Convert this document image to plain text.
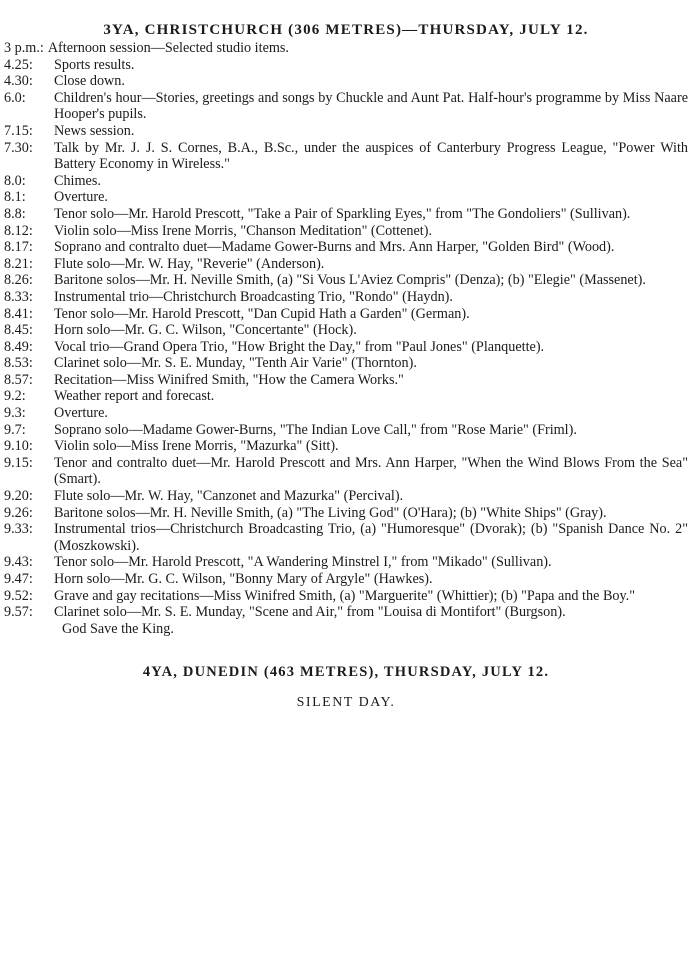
3YA, CHRISTCHURCH (306 METRES)—THURSDAY, JULY 12.
3 p.m.: Afternoon session—Selected studio items.
4.25:	Sports results.
4.30:	Close down.
6.0:	Children's hour—Stories, greetings and songs by Chuckle and Aunt Pat. Half-hour's programme by Miss Naare Hooper's pupils.
7.15:	News session.
7.30:	Talk by Mr. J. J. S. Cornes, B.A., B.Sc., under the auspices of Canterbury Progress League, "Power With Battery Economy in Wireless."
8.0:	Chimes.
8.1:	Overture.
8.8:	Tenor solo—Mr. Harold Prescott, "Take a Pair of Sparkling Eyes," from "The Gondoliers" (Sullivan).
8.12:	Violin solo—Miss Irene Morris, "Chanson Meditation" (Cottenet).
8.17:	Soprano and contralto duet—Madame Gower-Burns and Mrs. Ann Harper, "Golden Bird" (Wood).
8.21:	Flute solo—Mr. W. Hay, "Reverie" (Anderson).
8.26:	Baritone solos—Mr. H. Neville Smith, (a) "Si Vous L'Aviez Compris" (Denza); (b) "Elegie" (Massenet).
8.33:	Instrumental trio—Christchurch Broadcasting Trio, "Rondo" (Haydn).
8.41:	Tenor solo—Mr. Harold Prescott, "Dan Cupid Hath a Garden" (German).
8.45:	Horn solo—Mr. G. C. Wilson, "Concertante" (Hock).
8.49:	Vocal trio—Grand Opera Trio, "How Bright the Day," from "Paul Jones" (Planquette).
8.53:	Clarinet solo—Mr. S. E. Munday, "Tenth Air Varie" (Thornton).
8.57:	Recitation—Miss Winifred Smith, "How the Camera Works."
9.2:	Weather report and forecast.
9.3:	Overture.
9.7:	Soprano solo—Madame Gower-Burns, "The Indian Love Call," from "Rose Marie" (Friml).
9.10:	Violin solo—Miss Irene Morris, "Mazurka" (Sitt).
9.15:	Tenor and contralto duet—Mr. Harold Prescott and Mrs. Ann Harper, "When the Wind Blows From the Sea" (Smart).
9.20:	Flute solo—Mr. W. Hay, "Canzonet and Mazurka" (Percival).
9.26:	Baritone solos—Mr. H. Neville Smith, (a) "The Living God" (O'Hara); (b) "White Ships" (Gray).
9.33:	Instrumental trios—Christchurch Broadcasting Trio, (a) "Humoresque" (Dvorak); (b) "Spanish Dance No. 2" (Moszkowski).
9.43:	Tenor solo—Mr. Harold Prescott, "A Wandering Minstrel I," from "Mikado" (Sullivan).
9.47:	Horn solo—Mr. G. C. Wilson, "Bonny Mary of Argyle" (Hawkes).
9.52:	Grave and gay recitations—Miss Winifred Smith, (a) "Marguerite" (Whittier); (b) "Papa and the Boy."
9.57:	Clarinet solo—Mr. S. E. Munday, "Scene and Air," from "Louisa di Montifort" (Burgson).
God Save the King.
4YA, DUNEDIN (463 METRES), THURSDAY, JULY 12.
SILENT DAY.
